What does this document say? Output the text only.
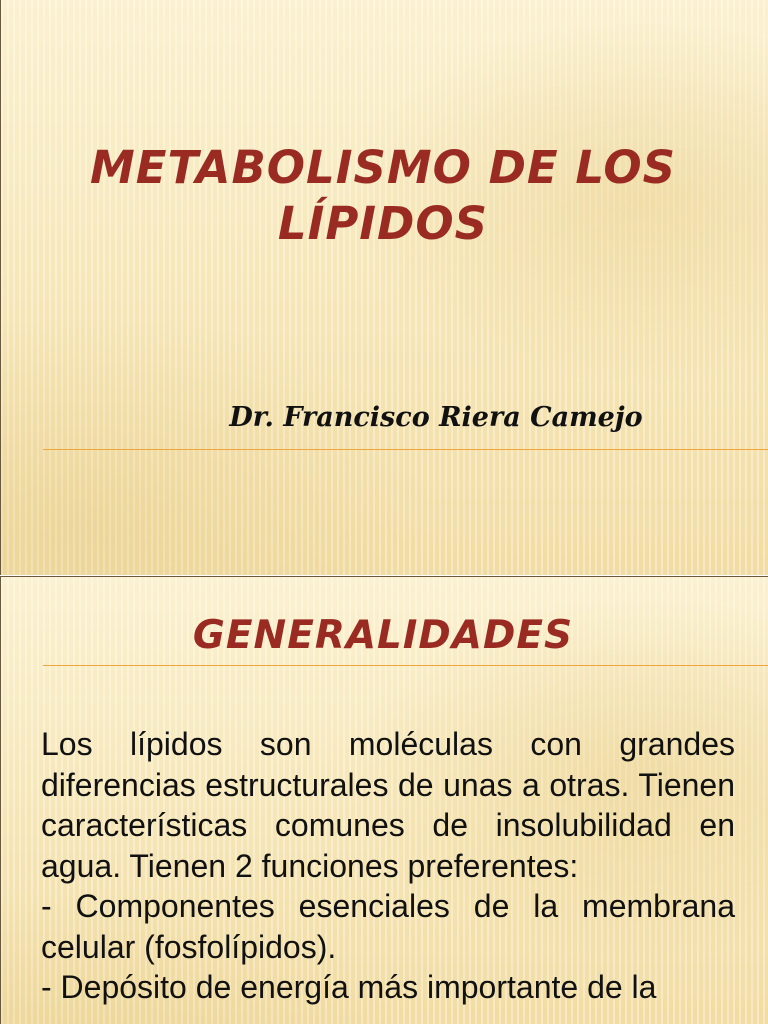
METABOLISMO DE LOS LÍPIDOS
Dr. Francisco Riera Camejo
GENERALIDADES

Los lípidos son moléculas con grandes diferencias estructurales de unas a otras. Tienen características comunes de insolubilidad en agua. Tienen 2 funciones preferentes:

- Componentes esenciales de la membrana celular (fosfolípidos).

- Depósito de energía más importante de la
